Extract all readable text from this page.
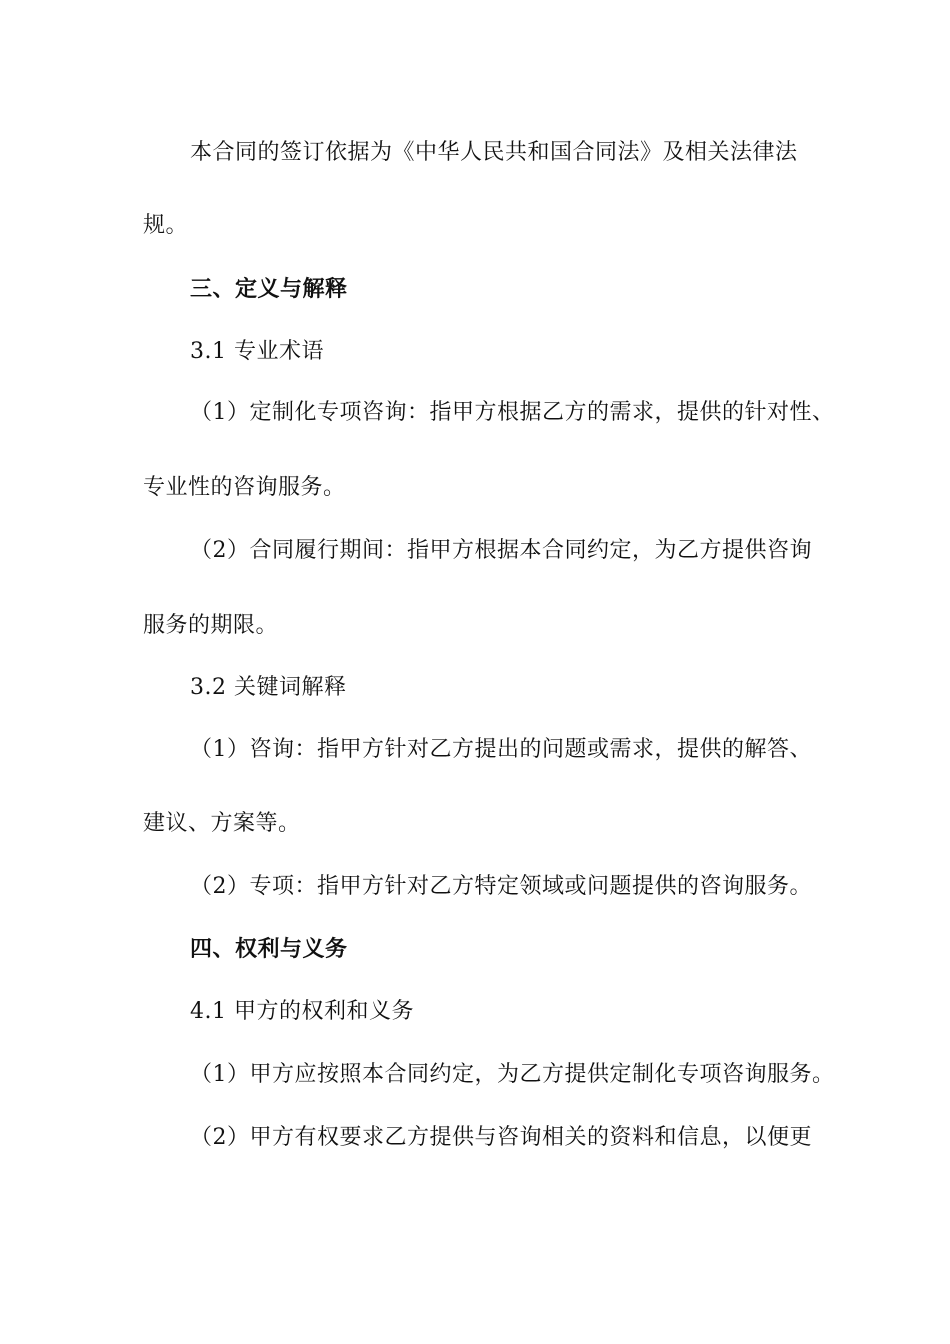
本合同的签订依据为《中华人民共和国合同法》及相关法律法
规。
三、定义与解释
3.1 专业术语
（1）定制化专项咨询：指甲方根据乙方的需求，提供的针对性、
专业性的咨询服务。
（2）合同履行期间：指甲方根据本合同约定，为乙方提供咨询
服务的期限。
3.2 关键词解释
（1）咨询：指甲方针对乙方提出的问题或需求，提供的解答、
建议、方案等。
（2）专项：指甲方针对乙方特定领域或问题提供的咨询服务。
四、权利与义务
4.1 甲方的权利和义务
（1）甲方应按照本合同约定，为乙方提供定制化专项咨询服务。
（2）甲方有权要求乙方提供与咨询相关的资料和信息，以便更
